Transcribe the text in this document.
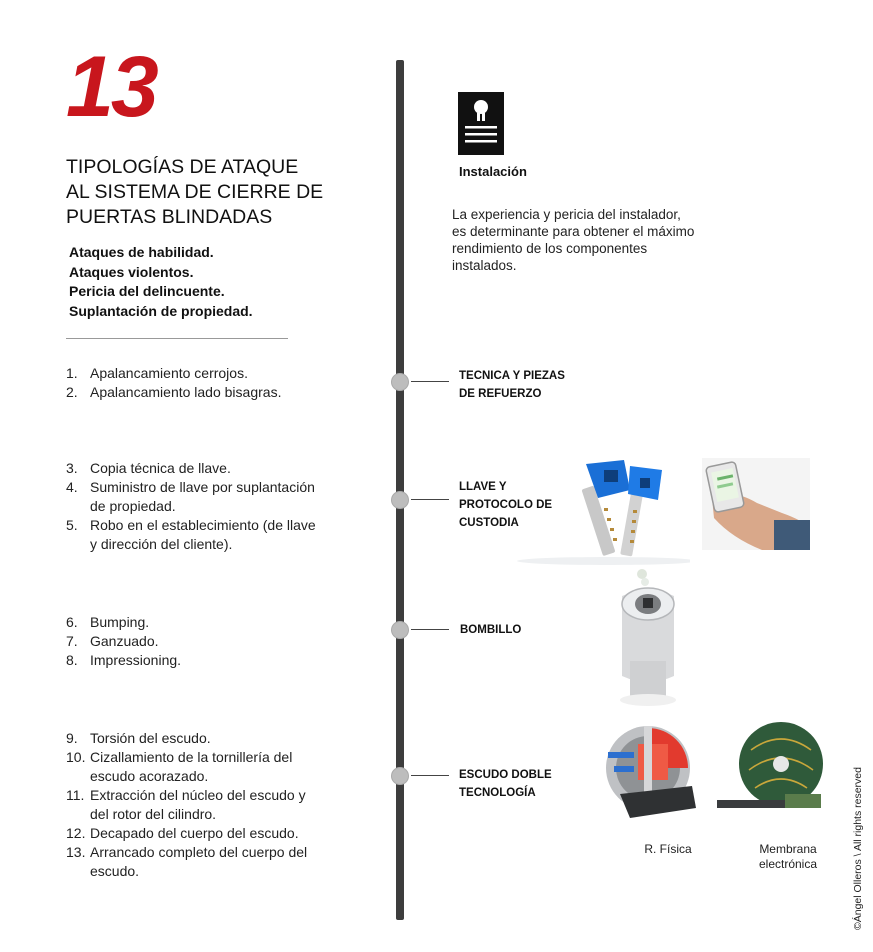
13
TIPOLOGÍAS DE ATAQUE
AL SISTEMA DE CIERRE DE
PUERTAS BLINDADAS
Ataques de habilidad.
Ataques violentos.
Pericia del delincuente.
Suplantación de propiedad.
1. Apalancamiento cerrojos.
2. Apalancamiento lado bisagras.
3. Copia técnica de llave.
4. Suministro de llave por suplantación de propiedad.
5. Robo en el establecimiento (de llave y dirección del cliente).
6. Bumping.
7. Ganzuado.
8. Impressioning.
9. Torsión del escudo.
10. Cizallamiento de la tornillería del escudo acorazado.
11. Extracción del núcleo del escudo y del rotor del cilindro.
12. Decapado del cuerpo del escudo.
13. Arrancado completo del cuerpo del escudo.
TECNICA Y PIEZAS
DE REFUERZO
LLAVE Y
PROTOCOLO DE
CUSTODIA
BOMBILLO
ESCUDO DOBLE
TECNOLOGÍA
Instalación
La experiencia y pericia del instalador,
es determinante para obtener el máximo
rendimiento de los componentes
instalados.
R. Física	Membrana
electrónica	©Ángel Olleros \ All rights reserved
